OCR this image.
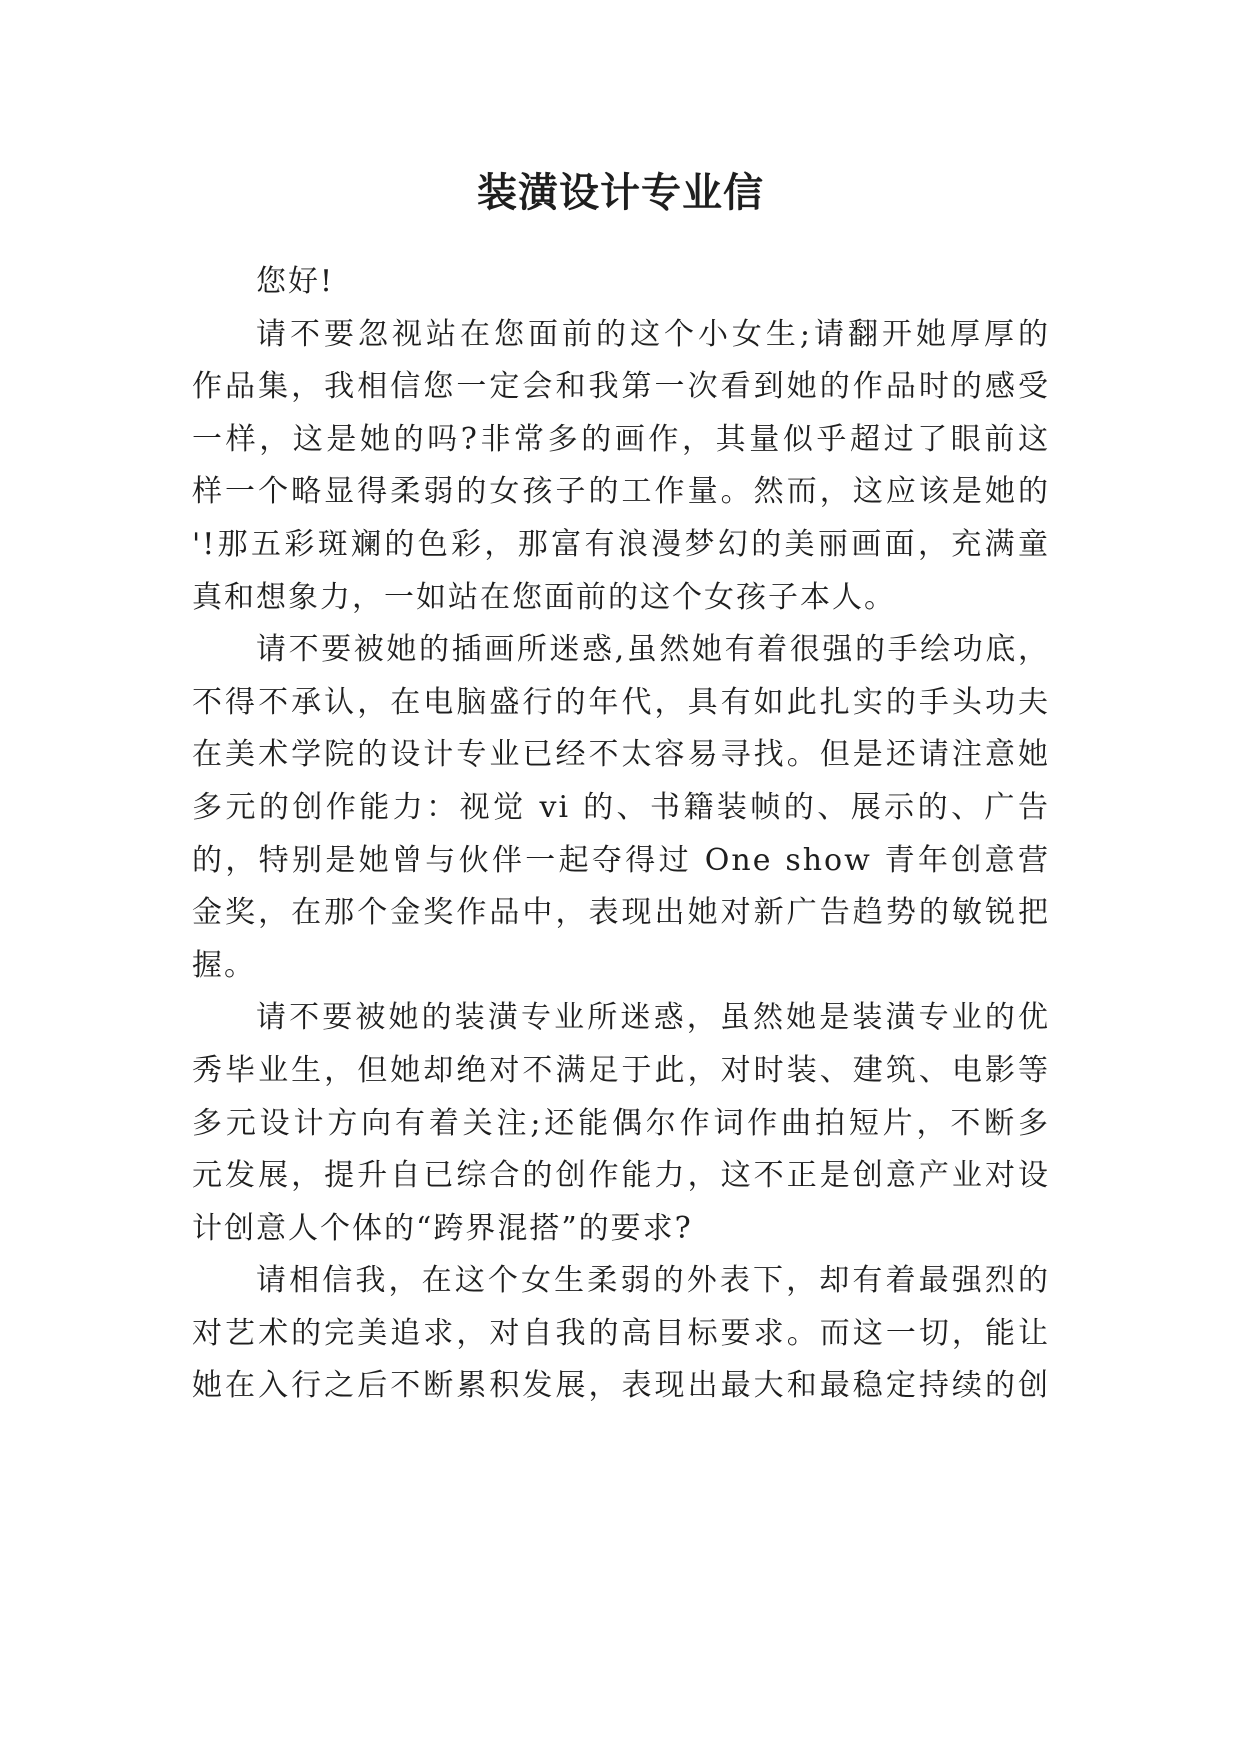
装潢设计专业信
您好!
请不要忽视站在您面前的这个小女生;请翻开她厚厚的
作品集，我相信您一定会和我第一次看到她的作品时的感受
一样，这是她的吗?非常多的画作，其量似乎超过了眼前这
样一个略显得柔弱的女孩子的工作量。然而，这应该是她的
'!那五彩斑斓的色彩，那富有浪漫梦幻的美丽画面，充满童
真和想象力，一如站在您面前的这个女孩子本人。
请不要被她的插画所迷惑,虽然她有着很强的手绘功底，
不得不承认，在电脑盛行的年代，具有如此扎实的手头功夫
在美术学院的设计专业已经不太容易寻找。但是还请注意她
多元的创作能力：视觉 vi 的、书籍装帧的、展示的、广告
的，特别是她曾与伙伴一起夺得过 One show 青年创意营
金奖，在那个金奖作品中，表现出她对新广告趋势的敏锐把
握。
请不要被她的装潢专业所迷惑，虽然她是装潢专业的优
秀毕业生，但她却绝对不满足于此，对时装、建筑、电影等
多元设计方向有着关注;还能偶尔作词作曲拍短片，不断多
元发展，提升自已综合的创作能力，这不正是创意产业对设
计创意人个体的“跨界混搭”的要求?
请相信我，在这个女生柔弱的外表下，却有着最强烈的
对艺术的完美追求，对自我的高目标要求。而这一切，能让
她在入行之后不断累积发展，表现出最大和最稳定持续的创
